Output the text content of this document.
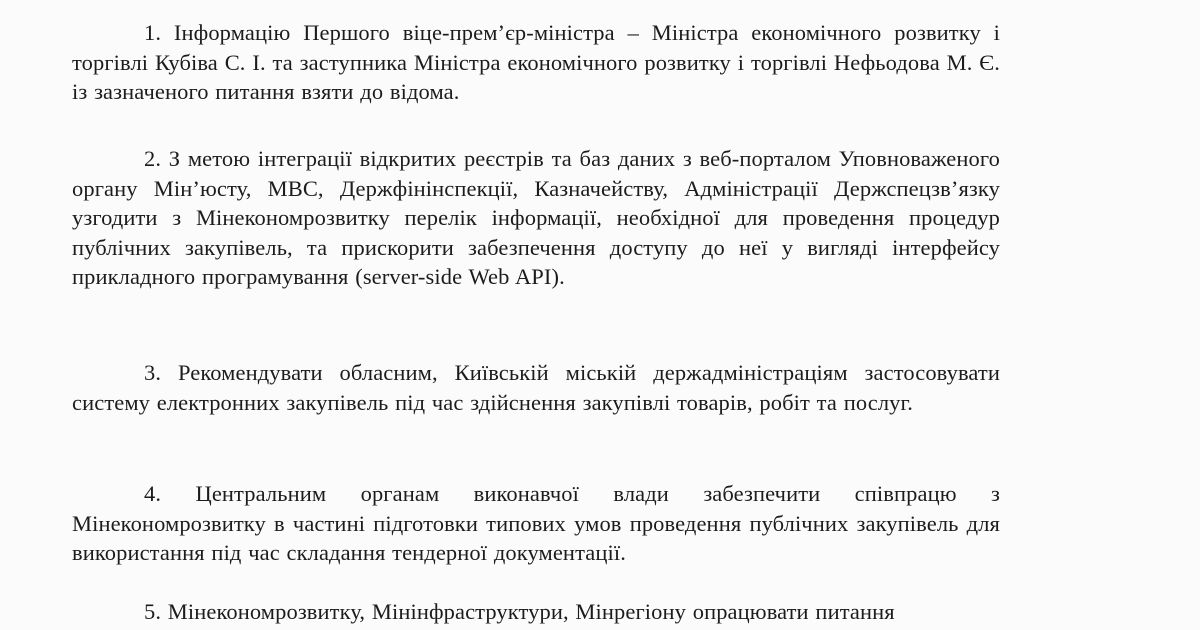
1. Інформацію Першого віце-прем’єр-міністра – Міністра економічного розвитку і торгівлі Кубіва С. І. та заступника Міністра економічного розвитку і торгівлі Нефьодова М. Є. із зазначеного питання взяти до відома.

2. З метою інтеграції відкритих реєстрів та баз даних з веб-порталом Уповноваженого органу Мін’юсту, МВС, Держфінінспекції, Казначейству, Адміністрації Держспецзв’язку узгодити з Мінекономрозвитку перелік інформації, необхідної для проведення процедур публічних закупівель, та прискорити забезпечення доступу до неї у вигляді інтерфейсу прикладного програмування (server-side Web API).

3. Рекомендувати обласним, Київській міській держадміністраціям застосовувати систему електронних закупівель під час здійснення закупівлі товарів, робіт та послуг.

4. Центральним органам виконавчої влади забезпечити співпрацю з Мінекономрозвитку в частині підготовки типових умов проведення публічних закупівель для використання під час складання тендерної документації.

5. Мінекономрозвитку, Мінінфраструктури, Мінрегіону опрацювати питання
